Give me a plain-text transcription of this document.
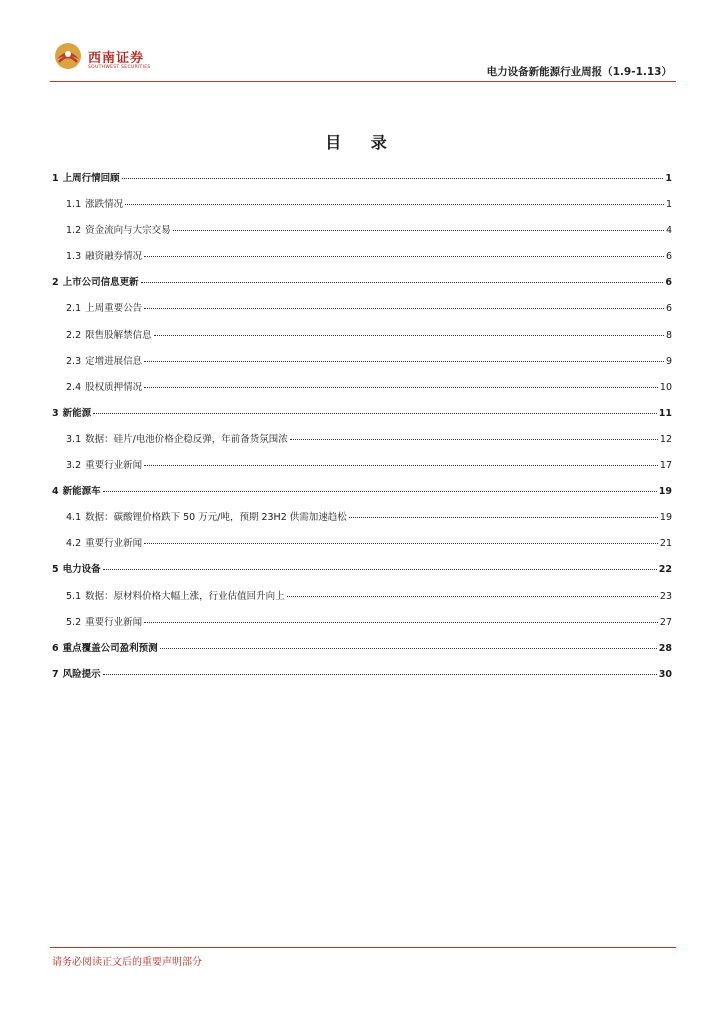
西南证券
SOUTHWEST SECURITIES	电力设备新能源行业周报（1.9-1.13）
目 录
1 上周行情回顾	1
1.1 涨跌情况	1
1.2 资金流向与大宗交易	4
1.3 融资融券情况	6
2 上市公司信息更新	6
2.1 上周重要公告	6
2.2 限售股解禁信息	8
2.3 定增进展信息	9
2.4 股权质押情况	10
3 新能源	11
3.1 数据：硅片/电池价格企稳反弹，年前备货氛围浓	12
3.2 重要行业新闻	17
4 新能源车	19
4.1 数据：碳酸锂价格跌下 50 万元/吨，预期 23H2 供需加速趋松	19
4.2 重要行业新闻	21
5 电力设备	22
5.1 数据：原材料价格大幅上涨，行业估值回升向上	23
5.2 重要行业新闻	27
6 重点覆盖公司盈利预测	28
7 风险提示	30
请务必阅读正文后的重要声明部分
